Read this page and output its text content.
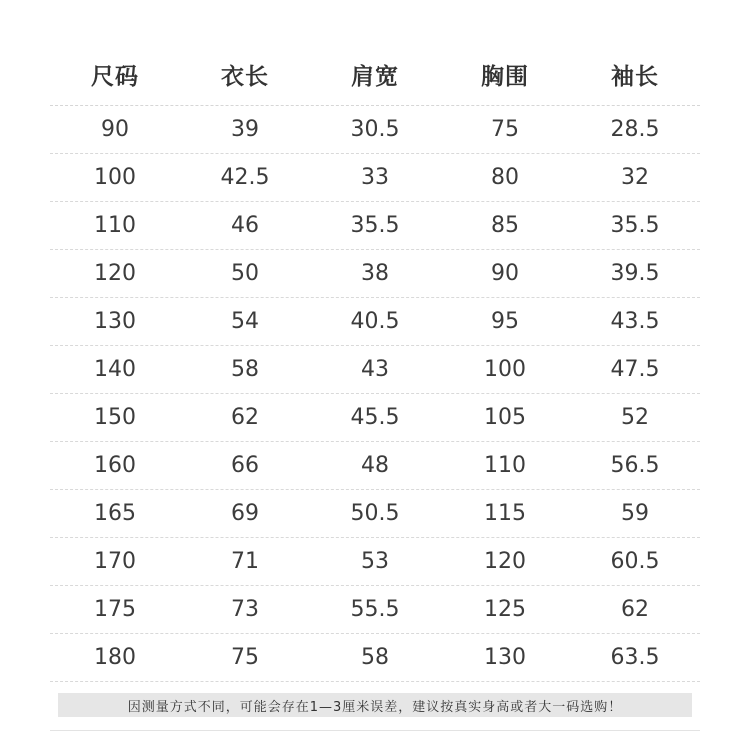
尺码	衣长	肩宽	胸围	袖长
90	39	30.5	75	28.5
100	42.5	33	80	32
110	46	35.5	85	35.5
120	50	38	90	39.5
130	54	40.5	95	43.5
140	58	43	100	47.5
150	62	45.5	105	52
160	66	48	110	56.5
165	69	50.5	115	59
170	71	53	120	60.5
175	73	55.5	125	62
180	75	58	130	63.5
因测量方式不同，可能会存在1—3厘米误差，建议按真实身高或者大一码选购！
